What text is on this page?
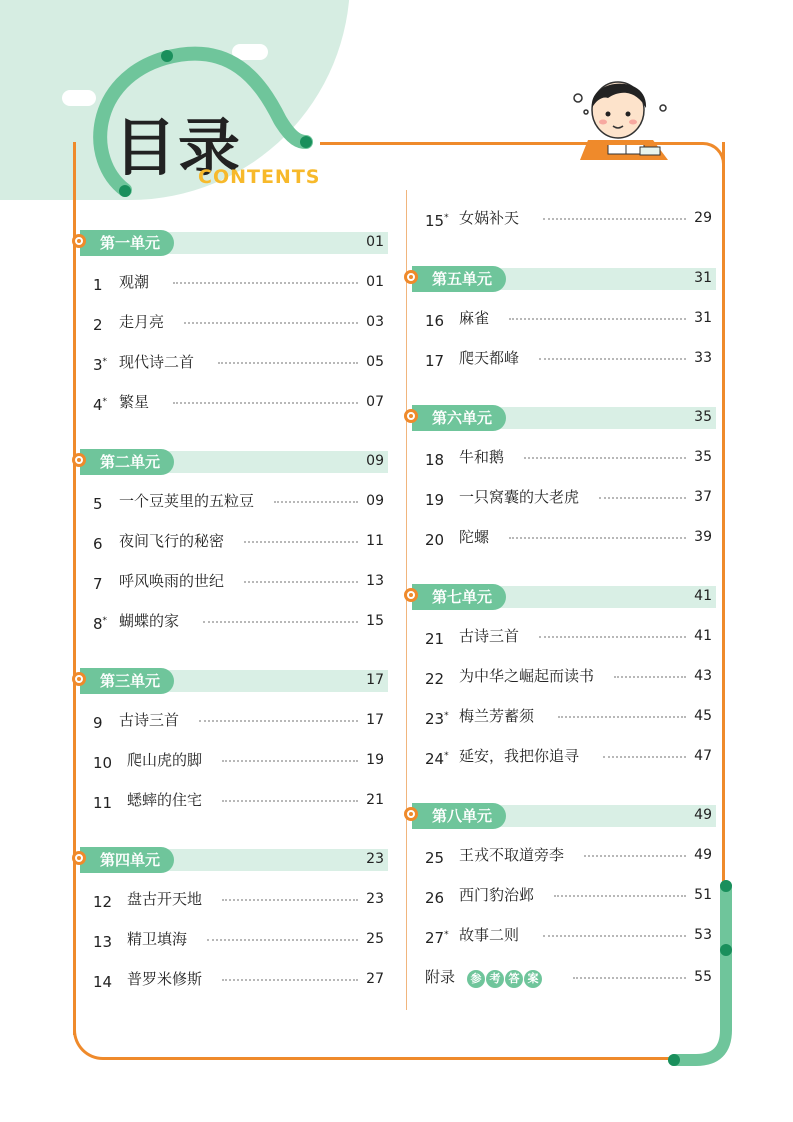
目录
CONTENTS
第一单元	01
1 观潮	01
2 走月亮	03
3* 现代诗二首	05
4* 繁星	07
第二单元	09
5 一个豆荚里的五粒豆	09
6 夜间飞行的秘密	11
7 呼风唤雨的世纪	13
8* 蝴蝶的家	15
第三单元	17
9 古诗三首	17
10 爬山虎的脚	19
11 蟋蟀的住宅	21
第四单元	23
12 盘古开天地	23
13 精卫填海	25
14 普罗米修斯	27
15* 女娲补天	29
第五单元	31
16 麻雀	31
17 爬天都峰	33
第六单元	35
18 牛和鹅	35
19 一只窝囊的大老虎	37
20 陀螺	39
第七单元	41
21 古诗三首	41
22 为中华之崛起而读书	43
23* 梅兰芳蓄须	45
24* 延安，我把你追寻	47
第八单元	49
25 王戎不取道旁李	49
26 西门豹治邺	51
27* 故事二则	53
附录	参 考 答 案	55
